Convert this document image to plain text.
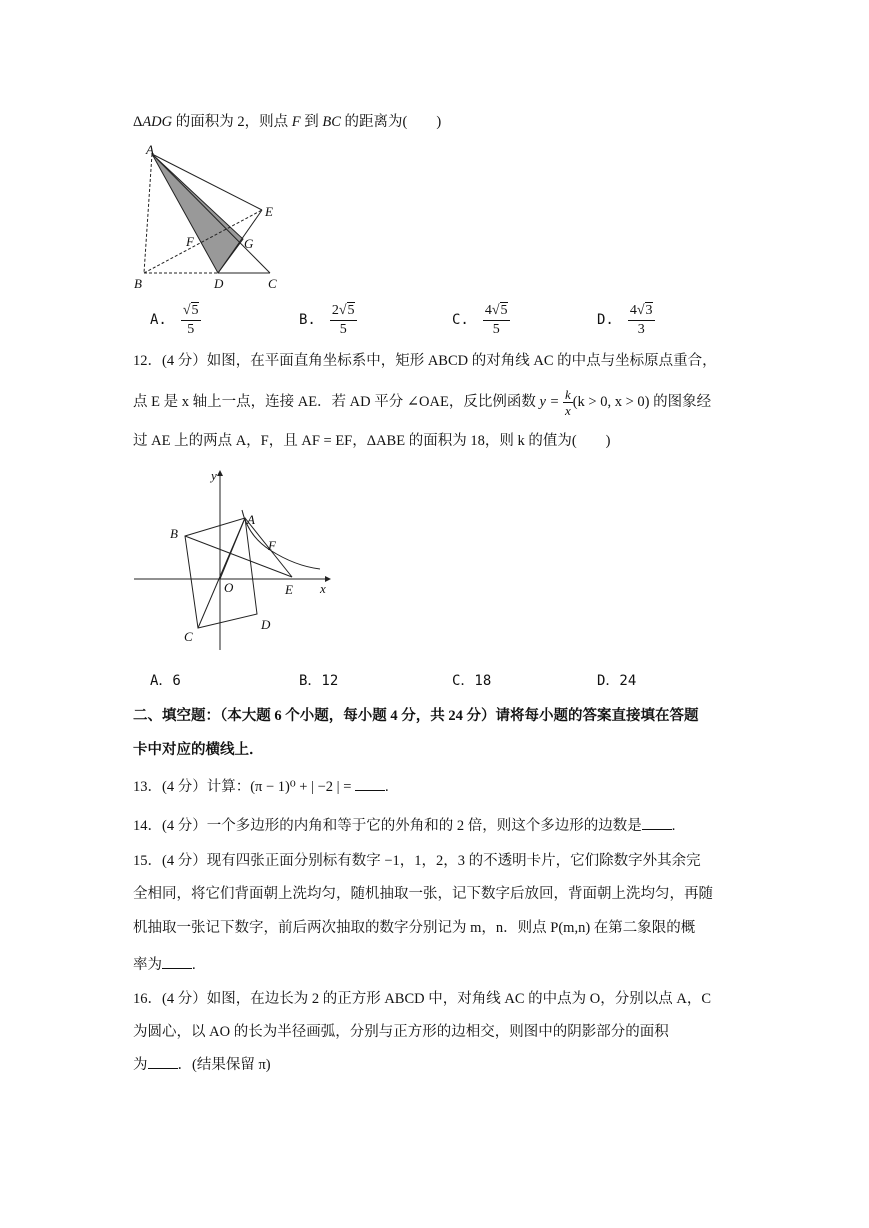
ΔADG 的面积为 2，则点 F 到 BC 的距离为(　　)
A
B	C
D
E
F	G
A. $\frac{√5}{5}$	B. $\frac{2√5}{5}$	C. $\frac{4√5}{5}$	D. $\frac{4√3}{3}$
12．(4 分）如图，在平面直角坐标系中，矩形 ABCD 的对角线 AC 的中点与坐标原点重合，
点 E 是 x 轴上一点，连接 AE．若 AD 平分 ∠OAE，反比例函数 $y = \frac{k}{x} (k > 0$, x > 0) 的图象经
过 AE 上的两点 A，F，且 AF = EF，ΔABE 的面积为 18，则 k 的值为(　　)
y
A
B
F
O	E x
C
D
A．6	B．12	C．18	D．24
二、填空题：（本大题 6 个小题，每小题 4 分，共 24 分）请将每小题的答案直接填在答题
卡中对应的横线上．
13．(4 分）计算：(π − 1)⁰ + | −2 | = .
14．(4 分）一个多边形的内角和等于它的外角和的 2 倍，则这个多边形的边数是 .
15．(4 分）现有四张正面分别标有数字 −1，1，2，3 的不透明卡片，它们除数字外其余完
全相同，将它们背面朝上洗均匀，随机抽取一张，记下数字后放回，背面朝上洗均匀，再随
机抽取一张记下数字，前后两次抽取的数字分别记为 m，n．则点 P(m,n) 在第二象限的概
率为 .
16．(4 分）如图，在边长为 2 的正方形 ABCD 中，对角线 AC 的中点为 O，分别以点 A，C
为圆心，以 AO 的长为半径画弧，分别与正方形的边相交，则图中的阴影部分的面积
为 ．(结果保留 π)
